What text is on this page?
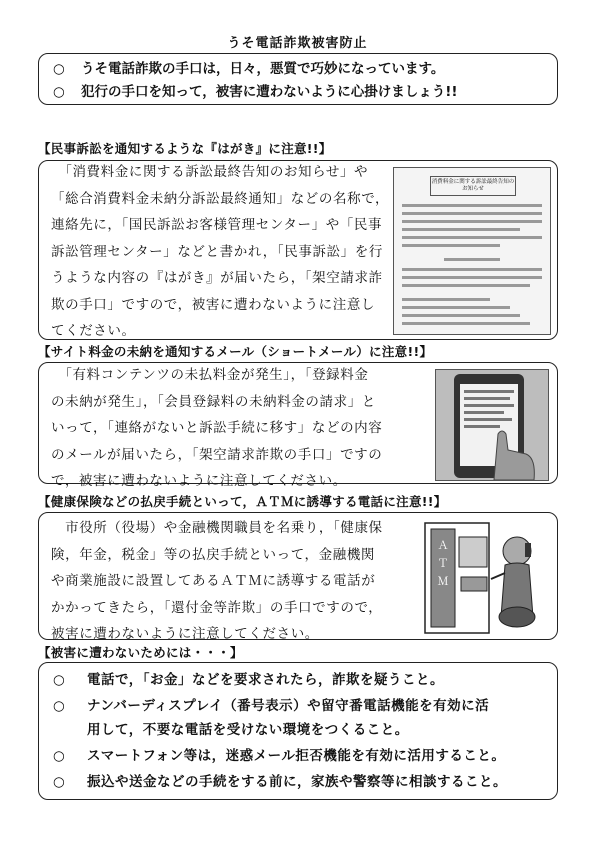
うそ電話詐欺被害防止
○ うそ電話詐欺の手口は，日々，悪質で巧妙になっています。
○ 犯行の手口を知って，被害に遭わないように心掛けましょう!!
【民事訴訟を通知するような『はがき』に注意!!】
　「消費料金に関する訴訟最終告知のお知らせ」や
「総合消費料金未納分訴訟最終通知」などの名称で，
連絡先に，「国民訴訟お客様管理センター」や「民事
訴訟管理センター」などと書かれ，「民事訴訟」を行
うような内容の『はがき』が届いたら，「架空請求詐
欺の手口」ですので，被害に遭わないように注意し
てください。
消費料金に関する訴訟最終告知のお知らせ
【サイト料金の未納を通知するメール（ショートメール）に注意!!】
　「有料コンテンツの未払料金が発生」，「登録料金
の未納が発生」，「会員登録料の未納料金の請求」と
いって，「連絡がないと訴訟手続に移す」などの内容
のメールが届いたら，「架空請求詐欺の手口」ですの
で，被害に遭わないように注意してください。
【健康保険などの払戻手続といって，ＡＴＭに誘導する電話に注意!!】
　市役所（役場）や金融機関職員を名乗り，「健康保
険，年金，税金」等の払戻手続といって，金融機関
や商業施設に設置してあるＡＴＭに誘導する電話が
かかってきたら，「還付金等詐欺」の手口ですので，
被害に遭わないように注意してください。
Ａ
Ｔ
Ｍ
【被害に遭わないためには・・・】
○ 電話で，「お金」などを要求されたら，詐欺を疑うこと。
○ ナンバーディスプレイ（番号表示）や留守番電話機能を有効に活
用して，不要な電話を受けない環境をつくること。
○ スマートフォン等は，迷惑メール拒否機能を有効に活用すること。
○ 振込や送金などの手続をする前に，家族や警察等に相談すること。
